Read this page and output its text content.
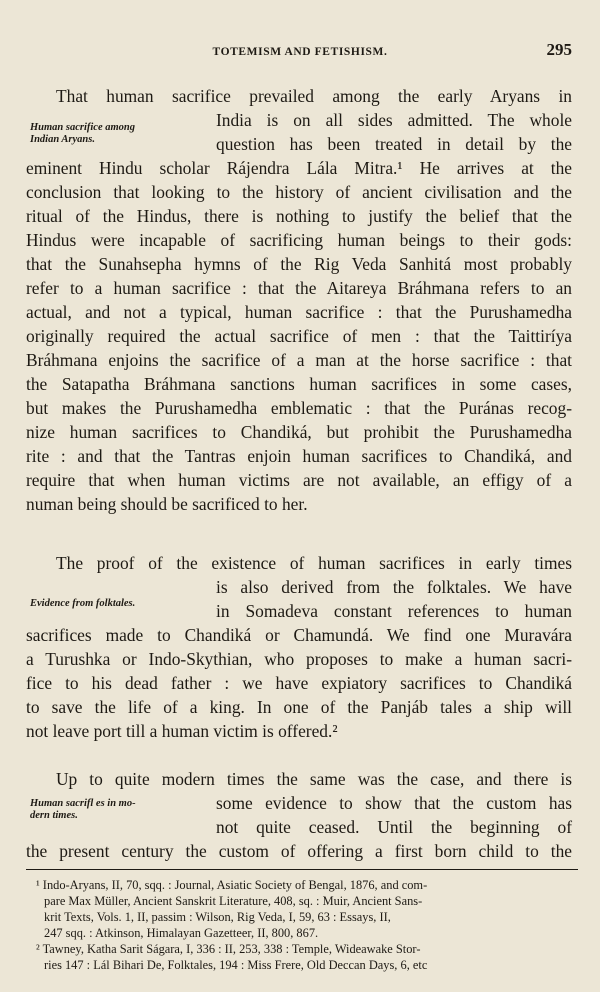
TOTEMISM AND FETISHISM.	295
Human sacrifice among
Indian Aryans.
Evidence from folktales.
Human sacrifl es in mo-
dern times.
That human sacrifice prevailed among the early Aryans in
India is on all sides admitted. The whole
question has been treated in detail by the
eminent Hindu scholar Rájendra Lála Mitra.¹ He arrives at the
conclusion that looking to the history of ancient civilisation and the
ritual of the Hindus, there is nothing to justify the belief that the
Hindus were incapable of sacrificing human beings to their gods:
that the Sunahsepha hymns of the Rig Veda Sanhitá most probably
refer to a human sacrifice : that the Aitareya Bráhmana refers to an
actual, and not a typical, human sacrifice : that the Purushamedha
originally required the actual sacrifice of men : that the Taittiríya
Bráhmana enjoins the sacrifice of a man at the horse sacrifice : that
the Satapatha Bráhmana sanctions human sacrifices in some cases,
but makes the Purushamedha emblematic : that the Puránas recog-
nize human sacrifices to Chandiká, but prohibit the Purushamedha
rite : and that the Tantras enjoin human sacrifices to Chandiká, and
require that when human victims are not available, an effigy of a
numan being should be sacrificed to her.
The proof of the existence of human sacrifices in early times
is also derived from the folktales. We have
in Somadeva constant references to human
sacrifices made to Chandiká or Chamundá. We find one Muravára
a Turushka or Indo-Skythian, who proposes to make a human sacri-
fice to his dead father : we have expiatory sacrifices to Chandiká
to save the life of a king. In one of the Panjáb tales a ship will
not leave port till a human victim is offered.²
Up to quite modern times the same was the case, and there is
some evidence to show that the custom has
not quite ceased. Until the beginning of
the present century the custom of offering a first born child to the
¹ Indo-Aryans, II, 70, sqq. : Journal, Asiatic Society of Bengal, 1876, and com-
pare Max Müller, Ancient Sanskrit Literature, 408, sq. : Muir, Ancient Sans-
krit Texts, Vols. 1, II, passim : Wilson, Rig Veda, I, 59, 63 : Essays, II,
247 sqq. : Atkinson, Himalayan Gazetteer, II, 800, 867.
² Tawney, Katha Sarit Ságara, I, 336 : II, 253, 338 : Temple, Wideawake Stor-
ries 147 : Lál Bihari De, Folktales, 194 : Miss Frere, Old Deccan Days, 6, etc
